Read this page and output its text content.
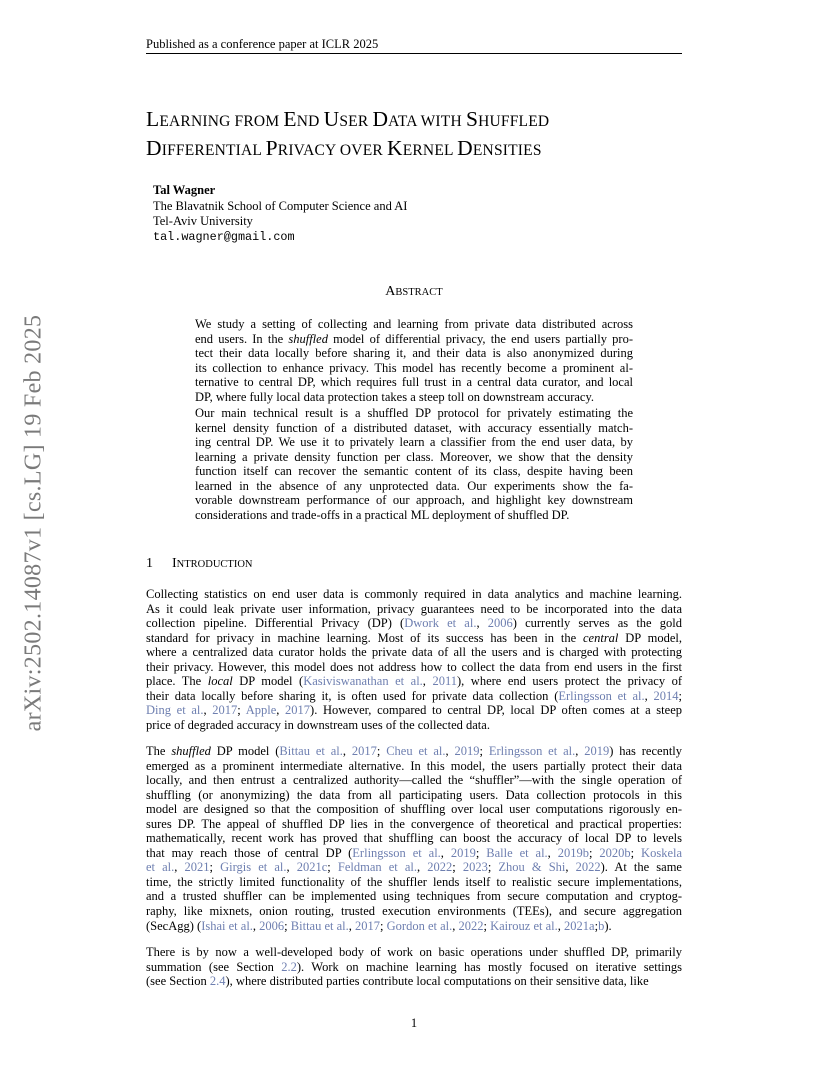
Published as a conference paper at ICLR 2025
arXiv:2502.14087v1 [cs.LG] 19 Feb 2025
LEARNING FROM END USER DATA WITH SHUFFLED
DIFFERENTIAL PRIVACY OVER KERNEL DENSITIES
Tal Wagner
The Blavatnik School of Computer Science and AI
Tel-Aviv University
tal.wagner@gmail.com
ABSTRACT
We study a setting of collecting and learning from private data distributed across
end users. In the shuffled model of differential privacy, the end users partially pro-
tect their data locally before sharing it, and their data is also anonymized during
its collection to enhance privacy. This model has recently become a prominent al-
ternative to central DP, which requires full trust in a central data curator, and local
DP, where fully local data protection takes a steep toll on downstream accuracy.
Our main technical result is a shuffled DP protocol for privately estimating the
kernel density function of a distributed dataset, with accuracy essentially match-
ing central DP. We use it to privately learn a classifier from the end user data, by
learning a private density function per class. Moreover, we show that the density
function itself can recover the semantic content of its class, despite having been
learned in the absence of any unprotected data. Our experiments show the fa-
vorable downstream performance of our approach, and highlight key downstream
considerations and trade-offs in a practical ML deployment of shuffled DP.
1 INTRODUCTION
Collecting statistics on end user data is commonly required in data analytics and machine learning.
As it could leak private user information, privacy guarantees need to be incorporated into the data
collection pipeline. Differential Privacy (DP) (Dwork et al., 2006) currently serves as the gold
standard for privacy in machine learning. Most of its success has been in the central DP model,
where a centralized data curator holds the private data of all the users and is charged with protecting
their privacy. However, this model does not address how to collect the data from end users in the first
place. The local DP model (Kasiviswanathan et al., 2011), where end users protect the privacy of
their data locally before sharing it, is often used for private data collection (Erlingsson et al., 2014;
Ding et al., 2017; Apple, 2017). However, compared to central DP, local DP often comes at a steep
price of degraded accuracy in downstream uses of the collected data.
The shuffled DP model (Bittau et al., 2017; Cheu et al., 2019; Erlingsson et al., 2019) has recently
emerged as a prominent intermediate alternative. In this model, the users partially protect their data
locally, and then entrust a centralized authority—called the “shuffler”—with the single operation of
shuffling (or anonymizing) the data from all participating users. Data collection protocols in this
model are designed so that the composition of shuffling over local user computations rigorously en-
sures DP. The appeal of shuffled DP lies in the convergence of theoretical and practical properties:
mathematically, recent work has proved that shuffling can boost the accuracy of local DP to levels
that may reach those of central DP (Erlingsson et al., 2019; Balle et al., 2019b; 2020b; Koskela
et al., 2021; Girgis et al., 2021c; Feldman et al., 2022; 2023; Zhou & Shi, 2022). At the same
time, the strictly limited functionality of the shuffler lends itself to realistic secure implementations,
and a trusted shuffler can be implemented using techniques from secure computation and cryptog-
raphy, like mixnets, onion routing, trusted execution environments (TEEs), and secure aggregation
(SecAgg) (Ishai et al., 2006; Bittau et al., 2017; Gordon et al., 2022; Kairouz et al., 2021a;b).
There is by now a well-developed body of work on basic operations under shuffled DP, primarily
summation (see Section 2.2). Work on machine learning has mostly focused on iterative settings
(see Section 2.4), where distributed parties contribute local computations on their sensitive data, like
1
